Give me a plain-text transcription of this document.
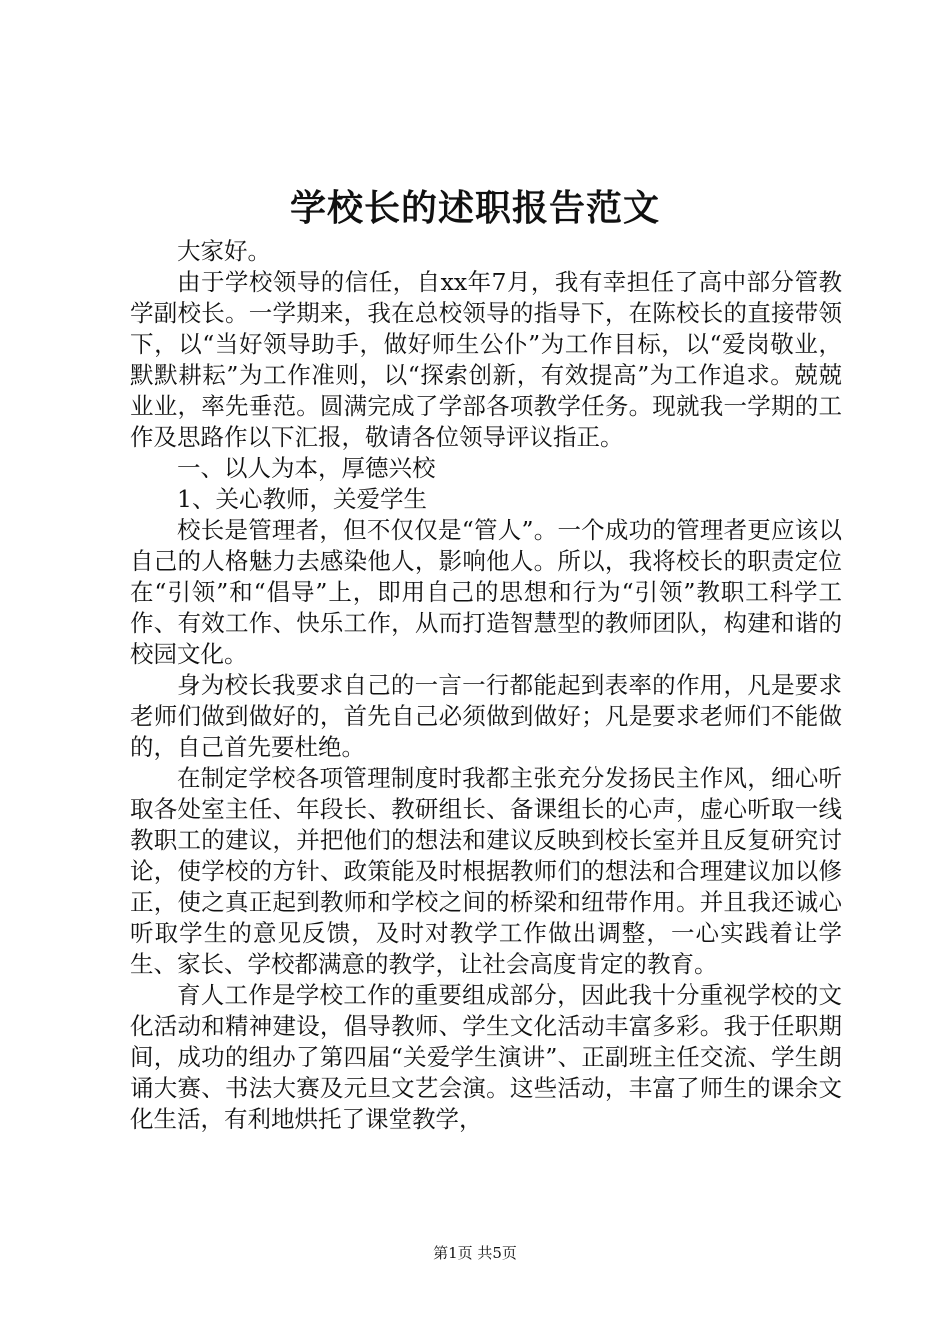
学校长的述职报告范文

大家好。

由于学校领导的信任，自xx年7月，我有幸担任了高中部分管教学副校长。一学期来，我在总校领导的指导下，在陈校长的直接带领下，以“当好领导助手，做好师生公仆”为工作目标，以“爱岗敬业，默默耕耘”为工作准则，以“探索创新，有效提高”为工作追求。兢兢业业，率先垂范。圆满完成了学部各项教学任务。现就我一学期的工作及思路作以下汇报，敬请各位领导评议指正。

一、以人为本，厚德兴校

1、关心教师，关爱学生

校长是管理者，但不仅仅是“管人”。一个成功的管理者更应该以自己的人格魅力去感染他人，影响他人。所以，我将校长的职责定位在“引领”和“倡导”上，即用自己的思想和行为“引领”教职工科学工作、有效工作、快乐工作，从而打造智慧型的教师团队，构建和谐的校园文化。

身为校长我要求自己的一言一行都能起到表率的作用，凡是要求老师们做到做好的，首先自己必须做到做好；凡是要求老师们不能做的，自己首先要杜绝。

在制定学校各项管理制度时我都主张充分发扬民主作风，细心听取各处室主任、年段长、教研组长、备课组长的心声，虚心听取一线教职工的建议，并把他们的想法和建议反映到校长室并且反复研究讨论，使学校的方针、政策能及时根据教师们的想法和合理建议加以修正，使之真正起到教师和学校之间的桥梁和纽带作用。并且我还诚心听取学生的意见反馈，及时对教学工作做出调整，一心实践着让学生、家长、学校都满意的教学，让社会高度肯定的教育。

育人工作是学校工作的重要组成部分，因此我十分重视学校的文化活动和精神建设，倡导教师、学生文化活动丰富多彩。我于任职期间，成功的组办了第四届“关爱学生演讲”、正副班主任交流、学生朗诵大赛、书法大赛及元旦文艺会演。这些活动，丰富了师生的课余文化生活，有利地烘托了课堂教学，

第1页 共5页
